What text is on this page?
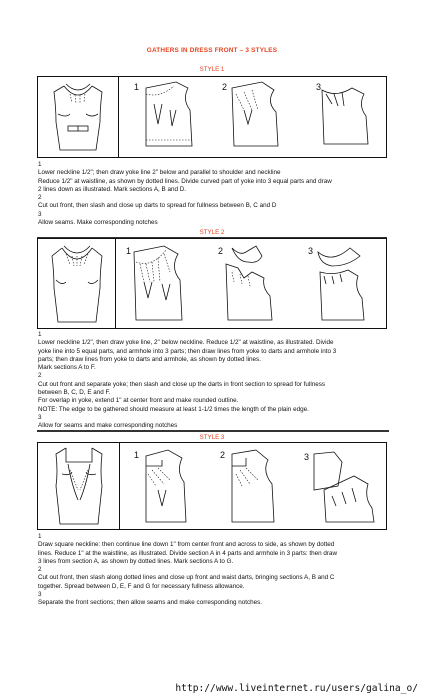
GATHERS IN DRESS FRONT – 3 STYLES
STYLE 1
1	2	3

1

Lower neckline 1/2"; then draw yoke line 2" below and parallel to shoulder and neckline

Reduce 1/2" at waistline, as shown by dotted lines. Divide curved part of yoke into 3 equal parts and draw

2 lines down as illustrated. Mark sections A, B and D.

2

Cut out front, then slash and close up darts to spread for fullness between B, C and D

3

Allow seams. Make corresponding notches

STYLE 2
1	2	3

1

Lower neckline 1/2", then draw yoke line, 2" below neckline. Reduce 1/2" at waistline, as illustrated. Divide

yoke line into 5 equal parts, and armhole into 3 parts; then draw lines from yoke to darts and armhole into 3

parts; then draw lines from yoke to darts and armhole, as shown by dotted lines.

Mark sections A to F.

2

Cut out front and separate yoke; then slash and close up the darts in front section to spread for fullness

between B, C, D, E and F.

For overlap in yoke, extend 1" at center front and make rounded outline.

NOTE: The edge to be gathered should measure at least 1-1/2 times the length of the plain edge.

3

Allow for seams and make corresponding notches

STYLE 3
1	2	3

1

Draw square neckline: then continue line down 1" from center front and across to side, as shown by dotted

lines. Reduce 1" at the waistline, as illustrated. Divide section A in 4 parts and armhole in 3 parts: then draw

3 lines from section A, as shown by dotted lines. Mark sections A to G.

2

Cut out front, then slash along dotted lines and close up front and waist darts, bringing sections A, B and C

together. Spread between D, E, F and G for necessary fullness allowance.

3

Separate the front sections; then allow seams and make corresponding notches.

http://www.liveinternet.ru/users/galina_o/
